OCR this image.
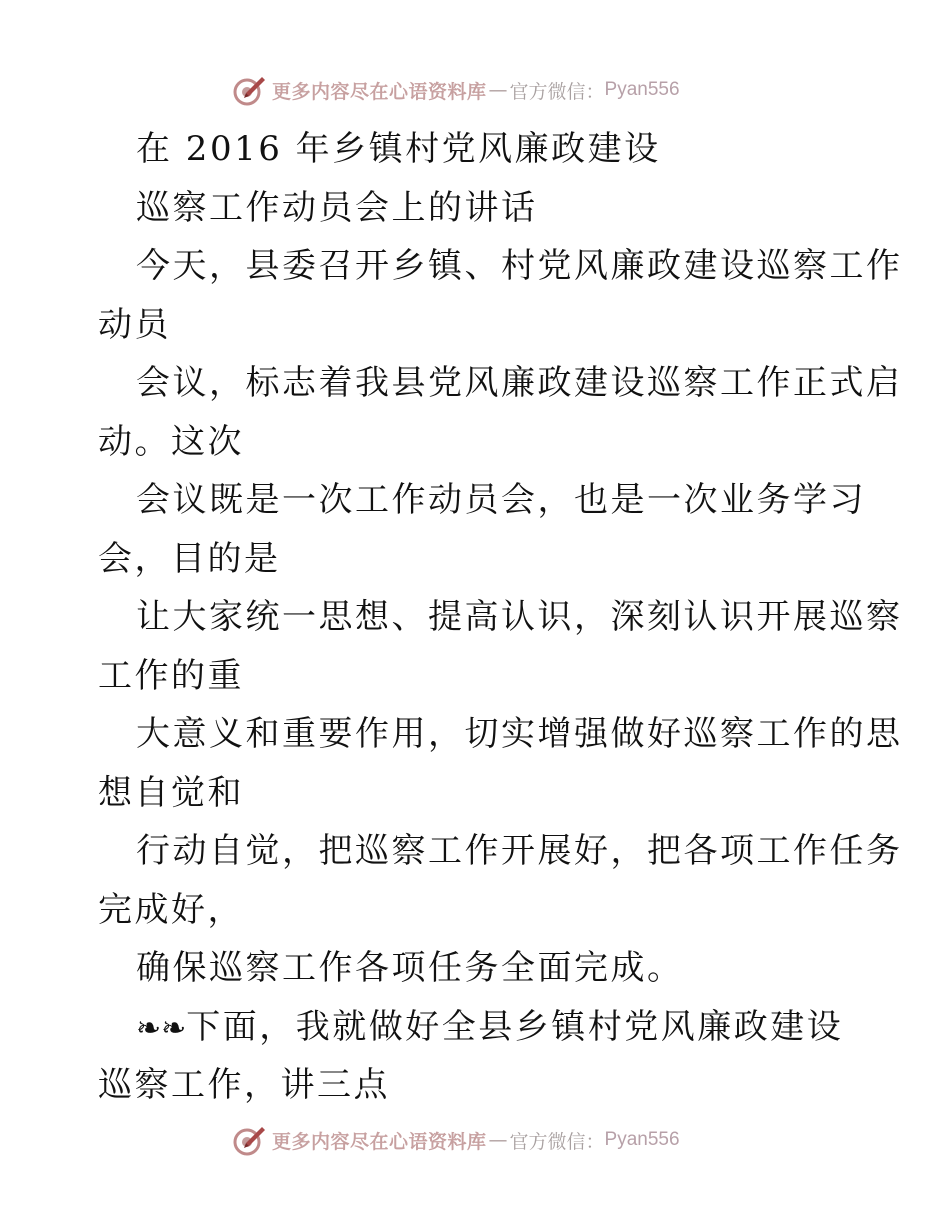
更多内容尽在心语资料库 — 官方微信： Pyan556
在 2016 年乡镇村党风廉政建设
巡察工作动员会上的讲话
今天，县委召开乡镇、村党风廉政建设巡察工作
动员
会议，标志着我县党风廉政建设巡察工作正式启
动。这次
会议既是一次工作动员会，也是一次业务学习
会，目的是
让大家统一思想、提高认识，深刻认识开展巡察
工作的重
大意义和重要作用，切实增强做好巡察工作的思
想自觉和
行动自觉，把巡察工作开展好，把各项工作任务
完成好，
确保巡察工作各项任务全面完成。
❧❧下面，我就做好全县乡镇村党风廉政建设
巡察工作，讲三点
更多内容尽在心语资料库 — 官方微信： Pyan556
